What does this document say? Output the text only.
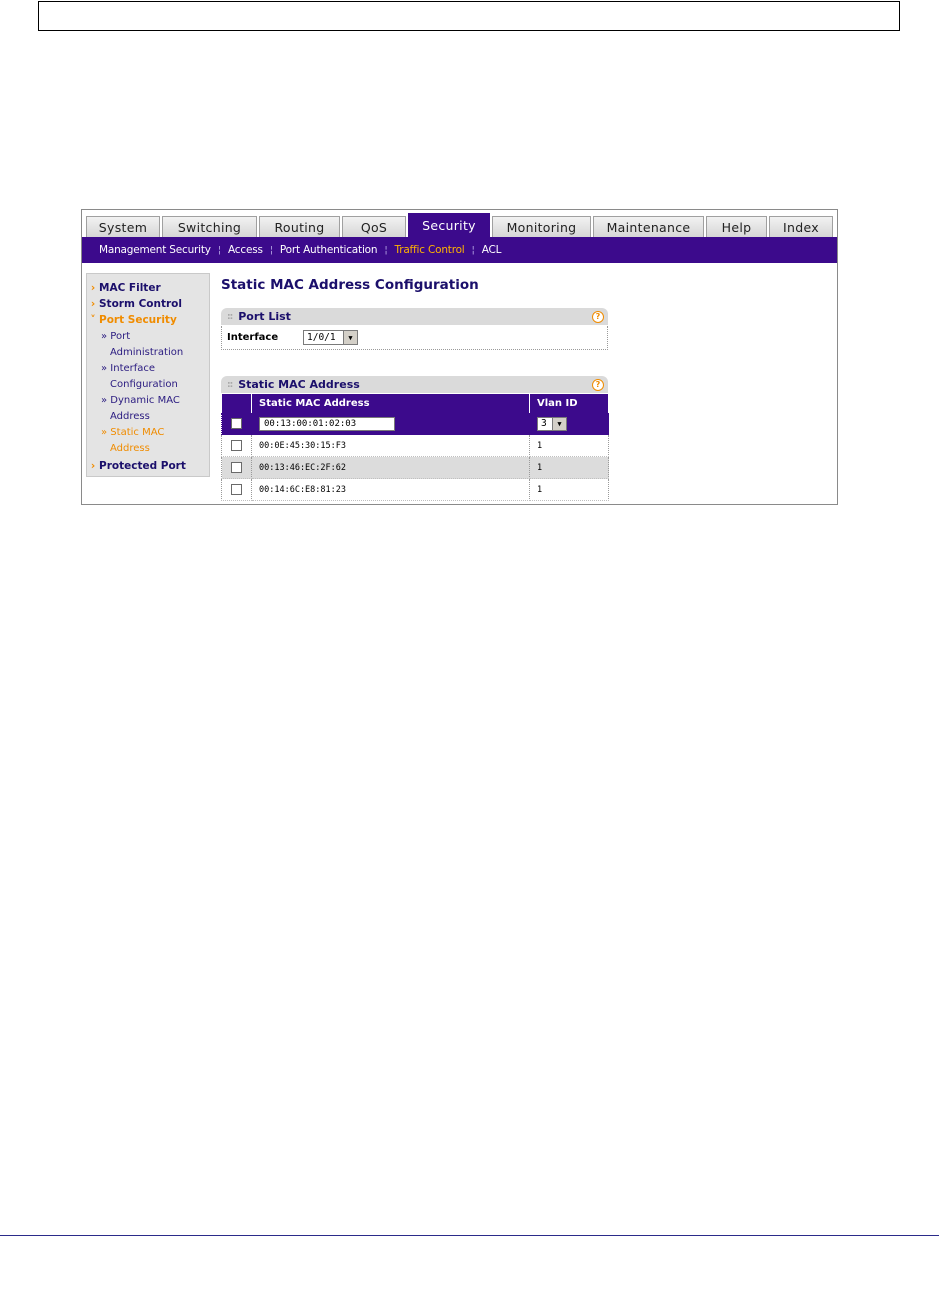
System	Switching	Routing	QoS	Security	Monitoring	Maintenance	Help	Index
Management Security ¦ Access ¦ Port Authentication ¦ Traffic Control ¦ ACL
› MAC Filter
› Storm Control
˅ Port Security
» Port
Administration
» Interface
Configuration
» Dynamic MAC
Address
» Static MAC
Address
› Protected Port
Static MAC Address Configuration
:: Port List	?
Interface	1/0/1	▼
:: Static MAC Address	?
	Static MAC Address	Vlan ID
	00:13:00:01:02:03	3 ▼

	00:0E:45:30:15:F3	1
	00:13:46:EC:2F:62	1
	00:14:6C:E8:81:23	1
